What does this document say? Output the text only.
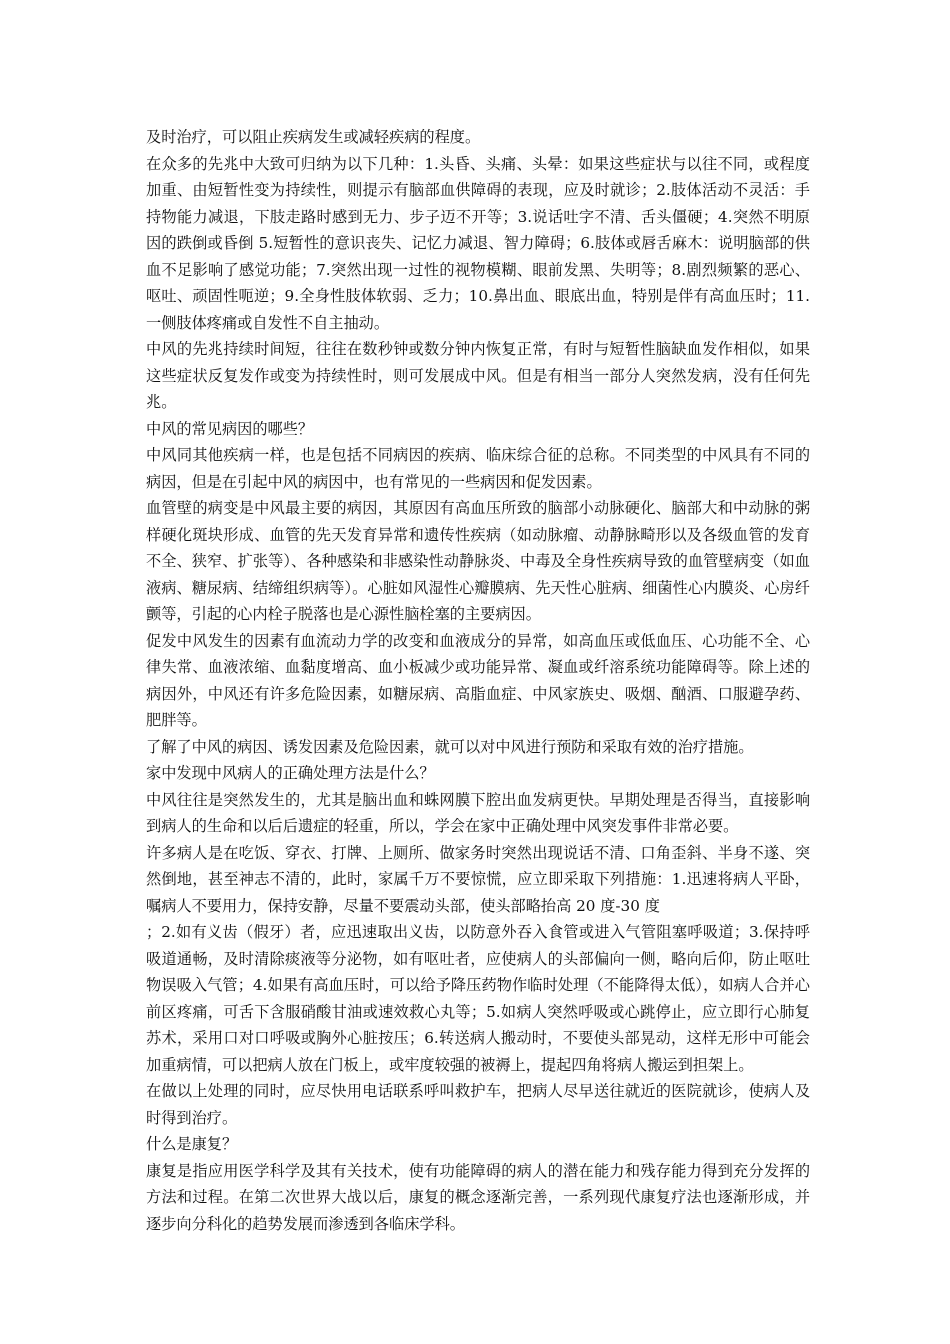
及时治疗，可以阻止疾病发生或减轻疾病的程度。

在众多的先兆中大致可归纳为以下几种：1.头昏、头痛、头晕：如果这些症状与以往不同，或程度加重、由短暂性变为持续性，则提示有脑部血供障碍的表现，应及时就诊；2.肢体活动不灵活：手持物能力减退，下肢走路时感到无力、步子迈不开等；3.说话吐字不清、舌头僵硬；4.突然不明原因的跌倒或昏倒 5.短暂性的意识丧失、记忆力减退、智力障碍；6.肢体或唇舌麻木：说明脑部的供血不足影响了感觉功能；7.突然出现一过性的视物模糊、眼前发黑、失明等；8.剧烈频繁的恶心、呕吐、顽固性呃逆；9.全身性肢体软弱、乏力；10.鼻出血、眼底出血，特别是伴有高血压时；11.一侧肢体疼痛或自发性不自主抽动。

中风的先兆持续时间短，往往在数秒钟或数分钟内恢复正常，有时与短暂性脑缺血发作相似，如果这些症状反复发作或变为持续性时，则可发展成中风。但是有相当一部分人突然发病，没有任何先兆。

中风的常见病因的哪些？

中风同其他疾病一样，也是包括不同病因的疾病、临床综合征的总称。不同类型的中风具有不同的病因，但是在引起中风的病因中，也有常见的一些病因和促发因素。

血管壁的病变是中风最主要的病因，其原因有高血压所致的脑部小动脉硬化、脑部大和中动脉的粥样硬化斑块形成、血管的先天发育异常和遗传性疾病（如动脉瘤、动静脉畸形以及各级血管的发育不全、狭窄、扩张等）、各种感染和非感染性动静脉炎、中毒及全身性疾病导致的血管壁病变（如血液病、糖尿病、结缔组织病等）。心脏如风湿性心瓣膜病、先天性心脏病、细菌性心内膜炎、心房纤颤等，引起的心内栓子脱落也是心源性脑栓塞的主要病因。

促发中风发生的因素有血流动力学的改变和血液成分的异常，如高血压或低血压、心功能不全、心律失常、血液浓缩、血黏度增高、血小板减少或功能异常、凝血或纤溶系统功能障碍等。除上述的病因外，中风还有许多危险因素，如糖尿病、高脂血症、中风家族史、吸烟、酗酒、口服避孕药、肥胖等。

了解了中风的病因、诱发因素及危险因素，就可以对中风进行预防和采取有效的治疗措施。

家中发现中风病人的正确处理方法是什么？

中风往往是突然发生的，尤其是脑出血和蛛网膜下腔出血发病更快。早期处理是否得当，直接影响到病人的生命和以后后遗症的轻重，所以，学会在家中正确处理中风突发事件非常必要。

许多病人是在吃饭、穿衣、打牌、上厕所、做家务时突然出现说话不清、口角歪斜、半身不遂、突然倒地，甚至神志不清的，此时，家属千万不要惊慌，应立即采取下列措施：1.迅速将病人平卧，嘱病人不要用力，保持安静，尽量不要震动头部，使头部略抬高 20 度-30 度

；2.如有义齿（假牙）者，应迅速取出义齿，以防意外吞入食管或进入气管阻塞呼吸道；3.保持呼吸道通畅，及时清除痰液等分泌物，如有呕吐者，应使病人的头部偏向一侧，略向后仰，防止呕吐物误吸入气管；4.如果有高血压时，可以给予降压药物作临时处理（不能降得太低），如病人合并心前区疼痛，可舌下含服硝酸甘油或速效救心丸等；5.如病人突然呼吸或心跳停止，应立即行心肺复苏术，采用口对口呼吸或胸外心脏按压；6.转送病人搬动时，不要使头部晃动，这样无形中可能会加重病情，可以把病人放在门板上，或牢度较强的被褥上，提起四角将病人搬运到担架上。

在做以上处理的同时，应尽快用电话联系呼叫救护车，把病人尽早送往就近的医院就诊，使病人及时得到治疗。

什么是康复？

康复是指应用医学科学及其有关技术，使有功能障碍的病人的潜在能力和残存能力得到充分发挥的方法和过程。在第二次世界大战以后，康复的概念逐渐完善，一系列现代康复疗法也逐渐形成，并逐步向分科化的趋势发展而渗透到各临床学科。
